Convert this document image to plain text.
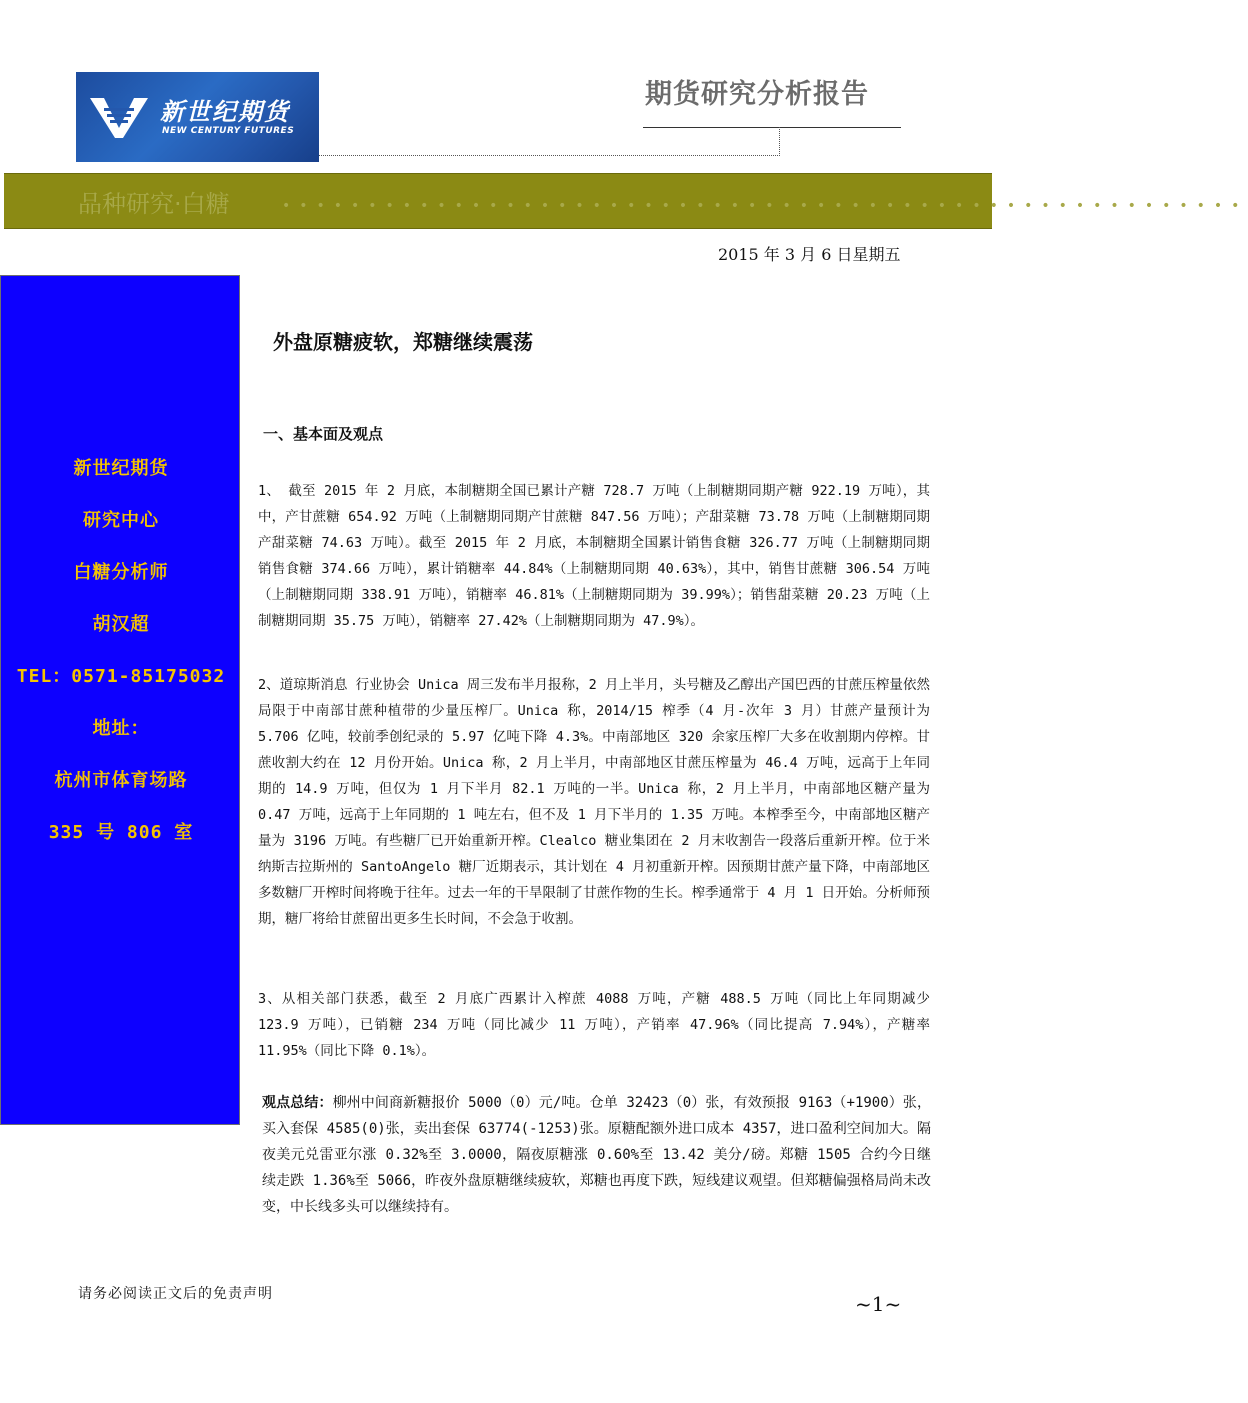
新世纪期货
NEW CENTURY FUTURES
期货研究分析报告
品种研究·白糖	••••••••••••••••••••••••••••••••••••••••••••••••••••••••
2015 年 3 月 6 日星期五
新世纪期货
研究中心
白糖分析师
胡汉超
TEL：0571-85175032
地址：
杭州市体育场路
335 号 806 室
外盘原糖疲软，郑糖继续震荡
一、基本面及观点

1、 截至 2015 年 2 月底，本制糖期全国已累计产糖 728.7 万吨（上制糖期同期产糖 922.19 万吨），其中，产甘蔗糖 654.92 万吨（上制糖期同期产甘蔗糖 847.56 万吨）；产甜菜糖 73.78 万吨（上制糖期同期产甜菜糖 74.63 万吨）。截至 2015 年 2 月底，本制糖期全国累计销售食糖 326.77 万吨（上制糖期同期销售食糖 374.66 万吨），累计销糖率 44.84%（上制糖期同期 40.63%），其中，销售甘蔗糖 306.54 万吨（上制糖期同期 338.91 万吨），销糖率 46.81%（上制糖期同期为 39.99%）；销售甜菜糖 20.23 万吨（上制糖期同期 35.75 万吨），销糖率 27.42%（上制糖期同期为 47.9%）。

2、道琼斯消息 行业协会 Unica 周三发布半月报称，2 月上半月，头号糖及乙醇出产国巴西的甘蔗压榨量依然局限于中南部甘蔗种植带的少量压榨厂。Unica 称，2014/15 榨季（4 月-次年 3 月）甘蔗产量预计为 5.706 亿吨，较前季创纪录的 5.97 亿吨下降 4.3%。中南部地区 320 余家压榨厂大多在收割期内停榨。甘蔗收割大约在 12 月份开始。Unica 称，2 月上半月，中南部地区甘蔗压榨量为 46.4 万吨，远高于上年同期的 14.9 万吨，但仅为 1 月下半月 82.1 万吨的一半。Unica 称，2 月上半月，中南部地区糖产量为 0.47 万吨，远高于上年同期的 1 吨左右，但不及 1 月下半月的 1.35 万吨。本榨季至今，中南部地区糖产量为 3196 万吨。有些糖厂已开始重新开榨。Clealco 糖业集团在 2 月末收割告一段落后重新开榨。位于米纳斯吉拉斯州的 SantoAngelo 糖厂近期表示，其计划在 4 月初重新开榨。因预期甘蔗产量下降，中南部地区多数糖厂开榨时间将晚于往年。过去一年的干旱限制了甘蔗作物的生长。榨季通常于 4 月 1 日开始。分析师预期，糖厂将给甘蔗留出更多生长时间，不会急于收割。

3、从相关部门获悉，截至 2 月底广西累计入榨蔗 4088 万吨，产糖 488.5 万吨（同比上年同期减少 123.9 万吨），已销糖 234 万吨（同比减少 11 万吨），产销率 47.96%（同比提高 7.94%），产糖率 11.95%（同比下降 0.1%）。

观点总结：柳州中间商新糖报价 5000（0）元/吨。仓单 32423（0）张，有效预报 9163（+1900）张，买入套保 4585(0)张，卖出套保 63774(-1253)张。原糖配额外进口成本 4357，进口盈利空间加大。隔夜美元兑雷亚尔涨 0.32%至 3.0000，隔夜原糖涨 0.60%至 13.42 美分/磅。郑糖 1505 合约今日继续走跌 1.36%至 5066，昨夜外盘原糖继续疲软，郑糖也再度下跌，短线建议观望。但郑糖偏强格局尚未改变，中长线多头可以继续持有。

请务必阅读正文后的免责声明	~1~
